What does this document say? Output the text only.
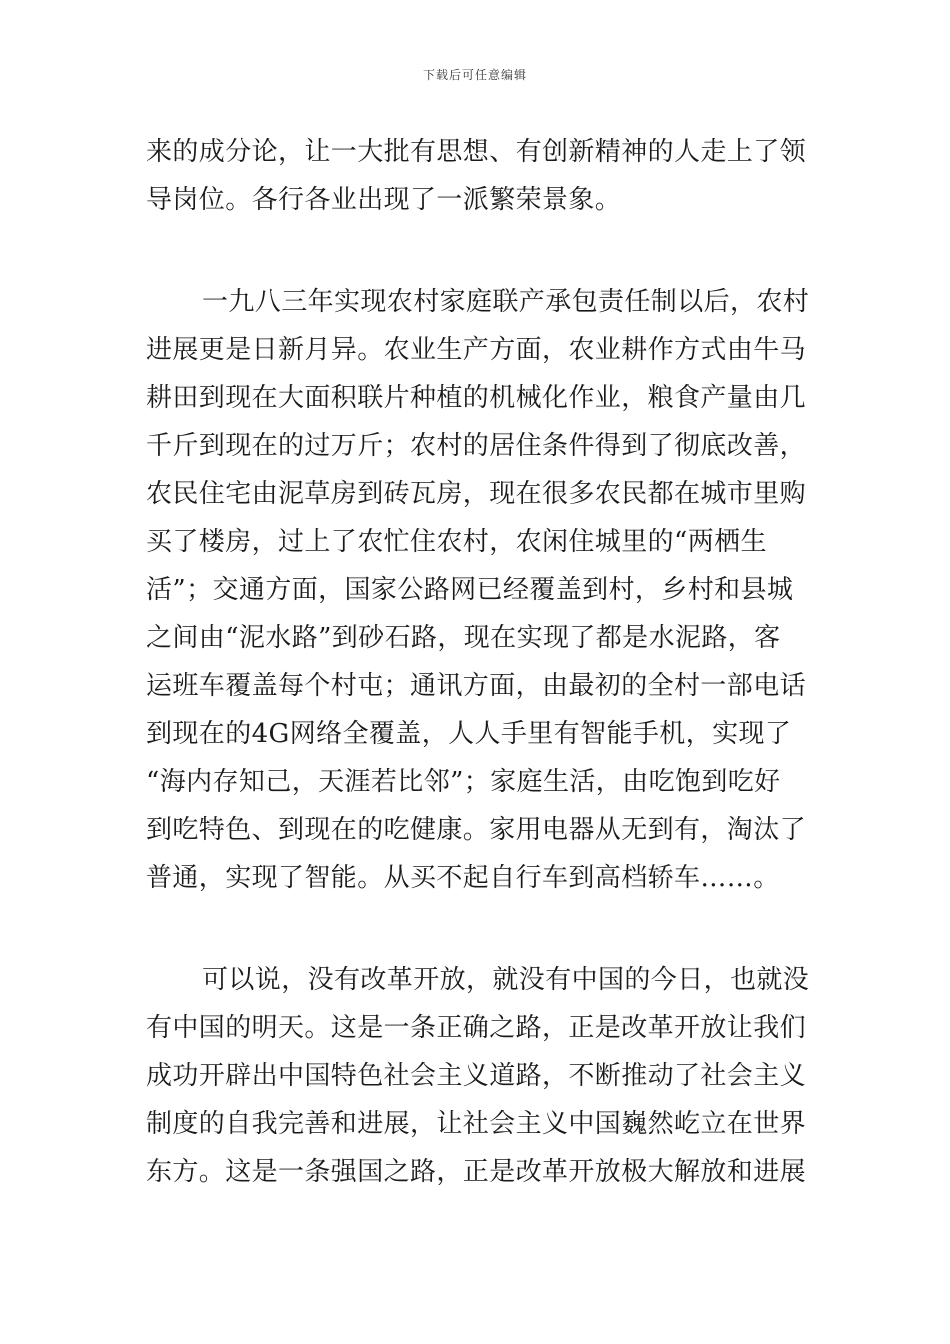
下载后可任意编辑
来的成分论，让一大批有思想、有创新精神的人走上了领
导岗位。各行各业出现了一派繁荣景象。
一九八三年实现农村家庭联产承包责任制以后，农村
进展更是日新月异。农业生产方面，农业耕作方式由牛马
耕田到现在大面积联片种植的机械化作业，粮食产量由几
千斤到现在的过万斤；农村的居住条件得到了彻底改善，
农民住宅由泥草房到砖瓦房，现在很多农民都在城市里购
买了楼房，过上了农忙住农村，农闲住城里的“两栖生
活”；交通方面，国家公路网已经覆盖到村，乡村和县城
之间由“泥水路”到砂石路，现在实现了都是水泥路，客
运班车覆盖每个村屯；通讯方面，由最初的全村一部电话
到现在的4G网络全覆盖，人人手里有智能手机，实现了
“海内存知己，天涯若比邻”；家庭生活，由吃饱到吃好
到吃特色、到现在的吃健康。家用电器从无到有，淘汰了
普通，实现了智能。从买不起自行车到高档轿车……。
可以说，没有改革开放，就没有中国的今日，也就没
有中国的明天。这是一条正确之路，正是改革开放让我们
成功开辟出中国特色社会主义道路，不断推动了社会主义
制度的自我完善和进展，让社会主义中国巍然屹立在世界
东方。这是一条强国之路，正是改革开放极大解放和进展
